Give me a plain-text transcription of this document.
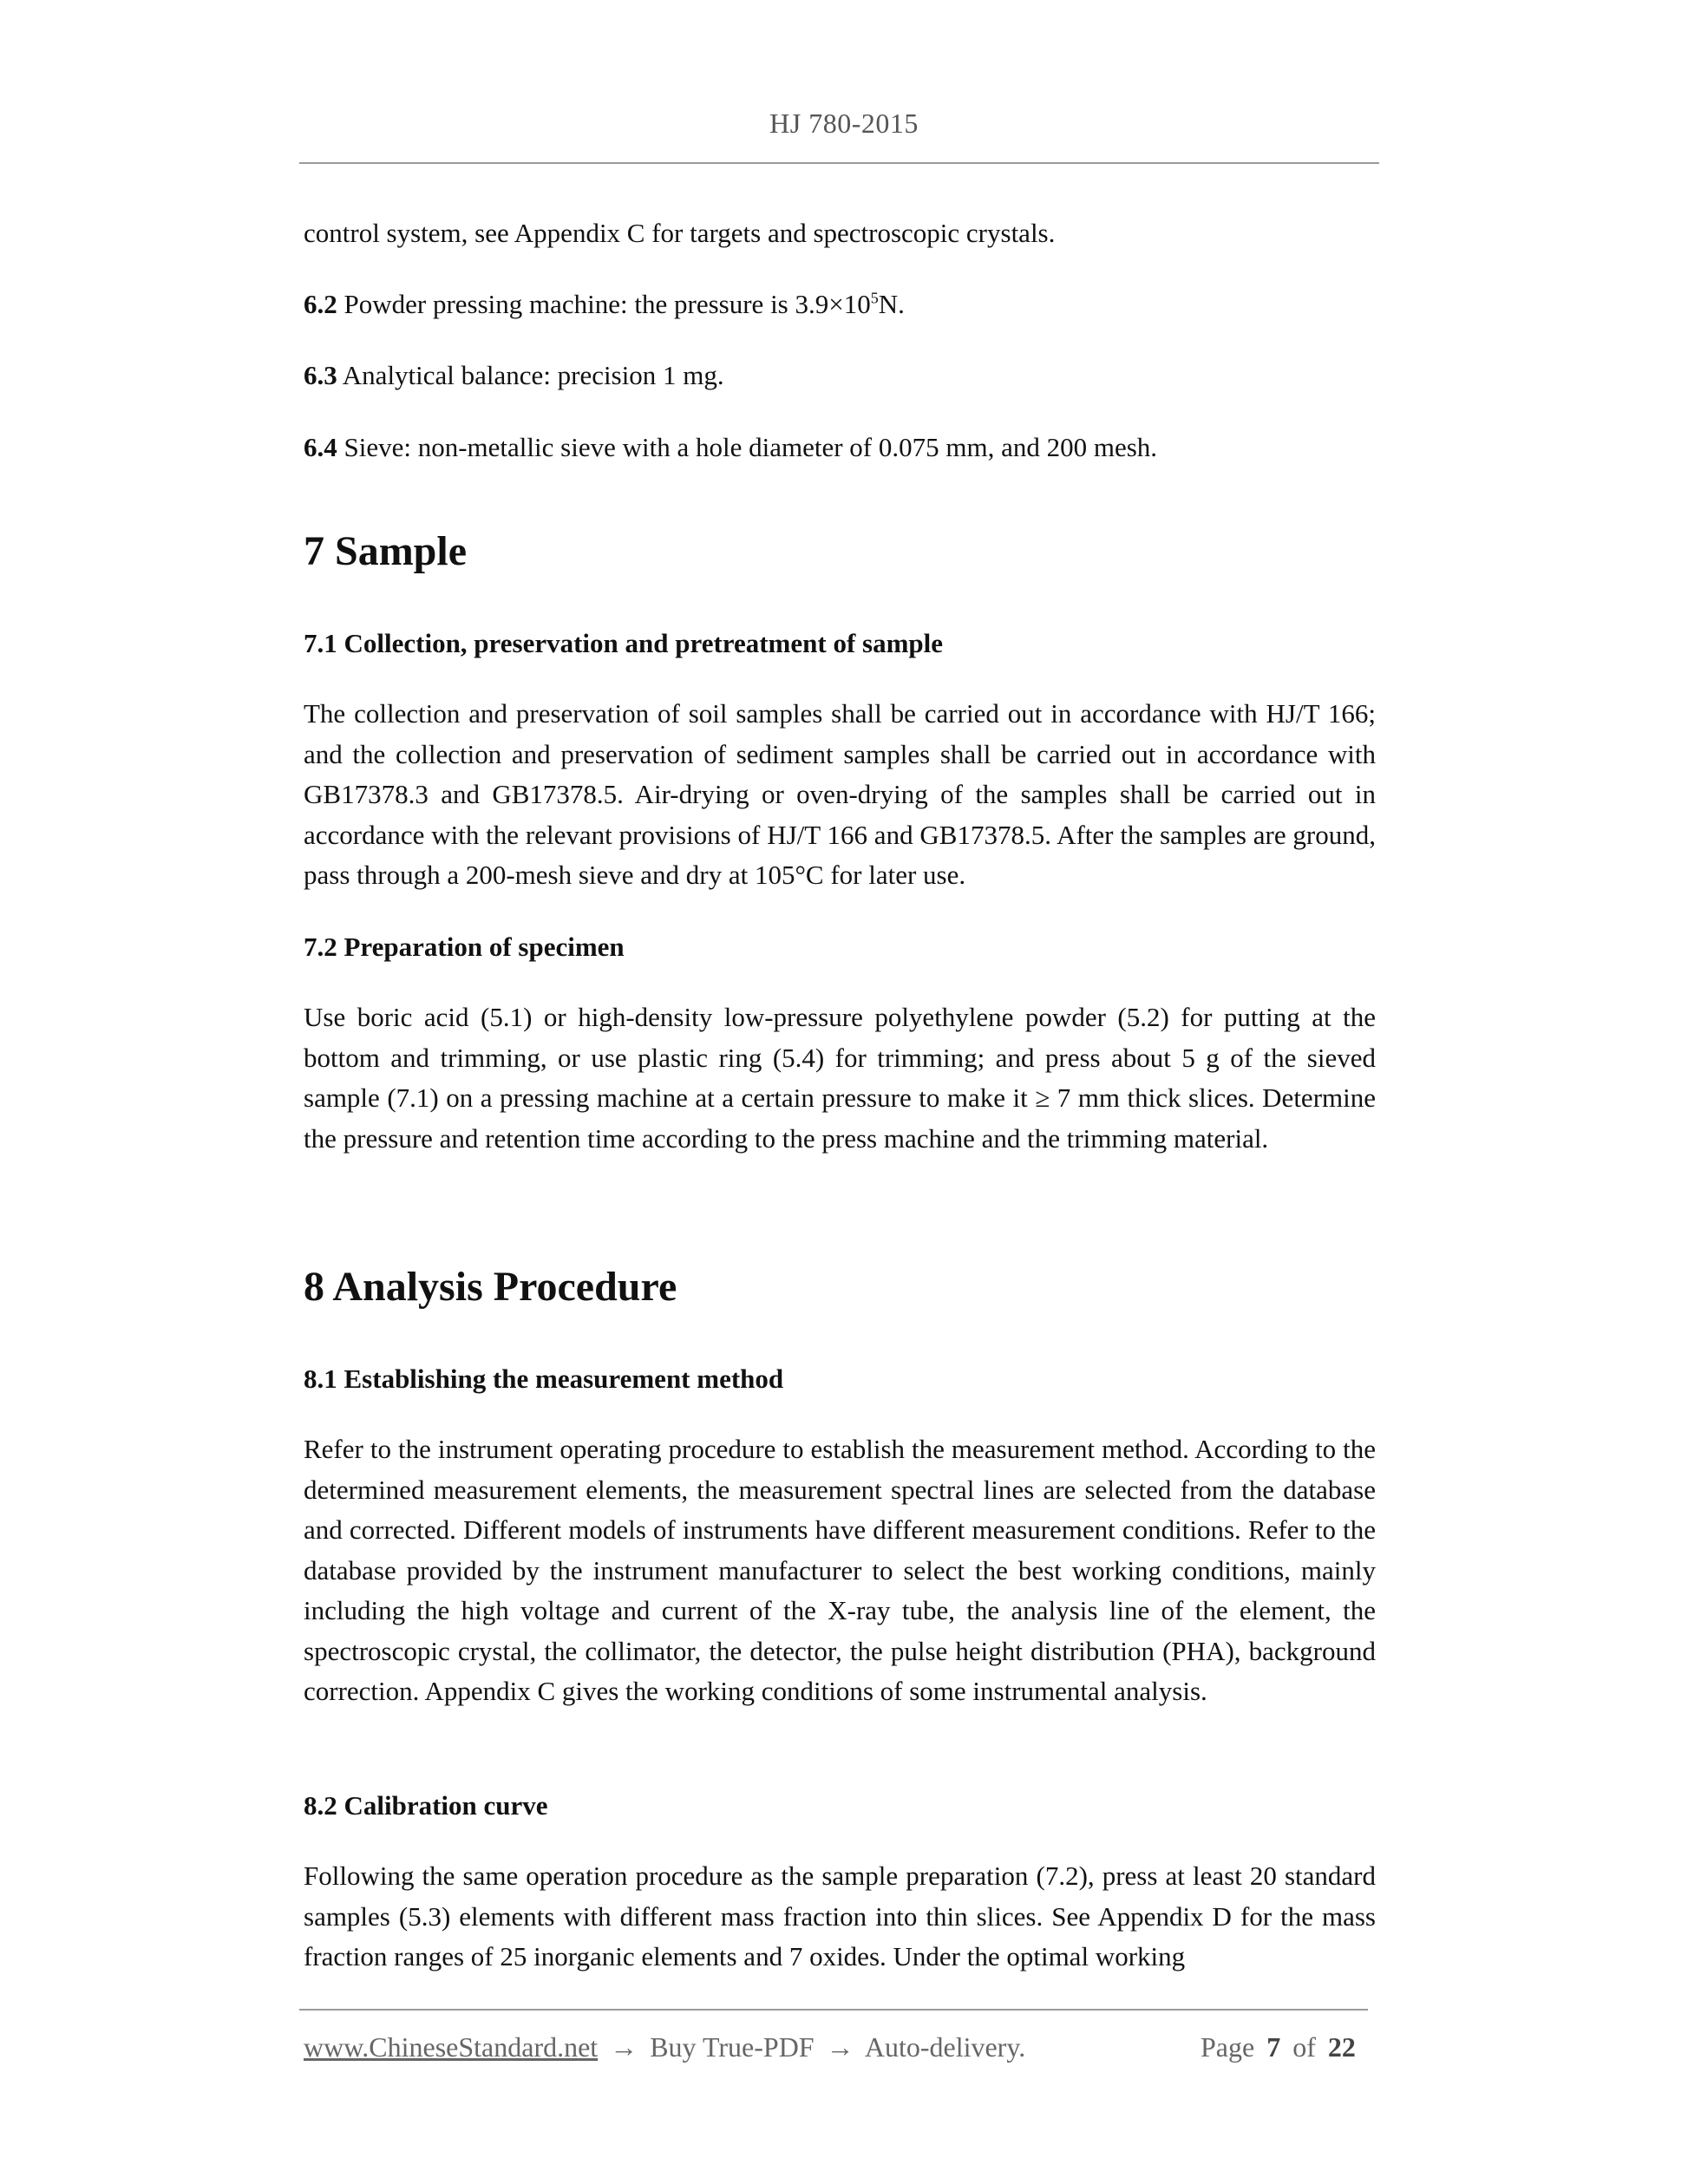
HJ 780-2015
control system, see Appendix C for targets and spectroscopic crystals.
6.2 Powder pressing machine: the pressure is $3.9\times 10^5N$.
6.3 Analytical balance: precision 1 mg.
6.4 Sieve: non-metallic sieve with a hole diameter of 0.075 mm, and 200 mesh.
7 Sample
7.1 Collection, preservation and pretreatment of sample
The collection and preservation of soil samples shall be carried out in accordance with HJ/T 166; and the collection and preservation of sediment samples shall be carried out in accordance with GB17378.3 and GB17378.5. Air-drying or oven-drying of the samples shall be carried out in accordance with the relevant provisions of HJ/T 166 and GB17378.5. After the samples are ground, pass through a 200-mesh sieve and dry at 105°C for later use.
7.2 Preparation of specimen
Use boric acid (5.1) or high-density low-pressure polyethylene powder (5.2) for putting at the bottom and trimming, or use plastic ring (5.4) for trimming; and press about 5 g of the sieved sample (7.1) on a pressing machine at a certain pressure to make it ≥ 7 mm thick slices. Determine the pressure and retention time according to the press machine and the trimming material.
8 Analysis Procedure
8.1 Establishing the measurement method
Refer to the instrument operating procedure to establish the measurement method. According to the determined measurement elements, the measurement spectral lines are selected from the database and corrected. Different models of instruments have different measurement conditions. Refer to the database provided by the instrument manufacturer to select the best working conditions, mainly including the high voltage and current of the X-ray tube, the analysis line of the element, the spectroscopic crystal, the collimator, the detector, the pulse height distribution (PHA), background correction. Appendix C gives the working conditions of some instrumental analysis.
8.2 Calibration curve
Following the same operation procedure as the sample preparation (7.2), press at least 20 standard samples (5.3) elements with different mass fraction into thin slices. See Appendix D for the mass fraction ranges of 25 inorganic elements and 7 oxides. Under the optimal working
www.ChineseStandard.net → Buy True-PDF → Auto-delivery.	Page 7 of 22
